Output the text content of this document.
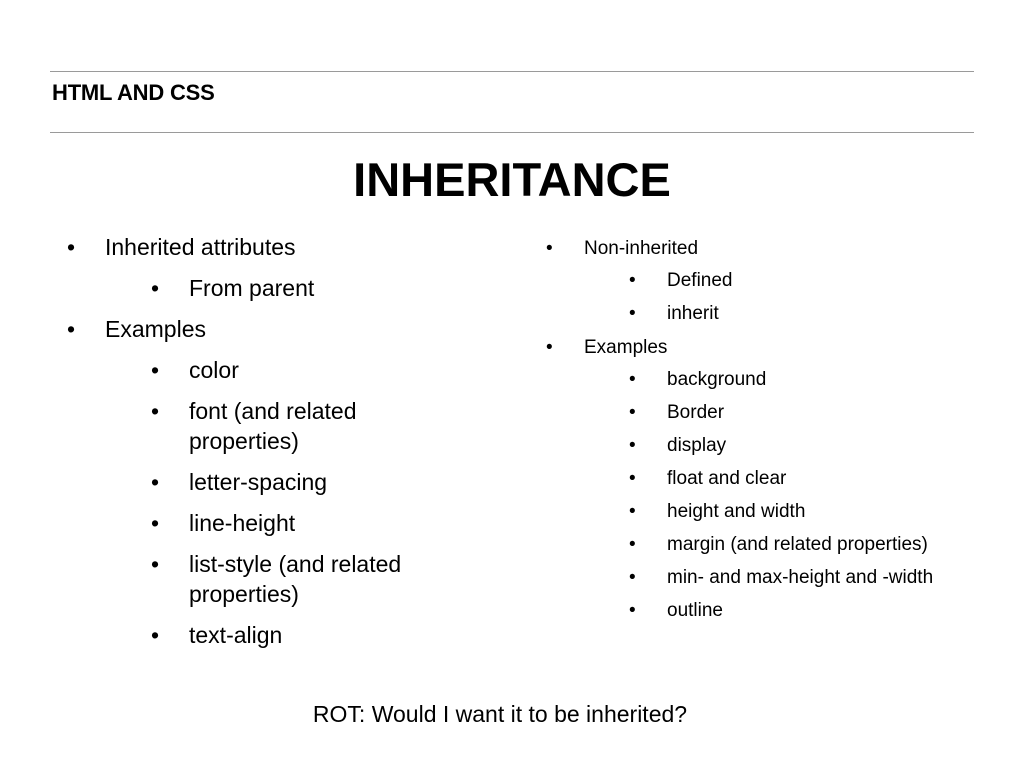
HTML AND CSS
INHERITANCE
• Inherited attributes
• From parent
• Examples
• color
• font (and related properties)
• letter-spacing
• line-height
• list-style (and related properties)
• text-align
• Non-inherited
• Defined
• inherit
• Examples
• background
• Border
• display
• float and clear
• height and width
• margin (and related properties)
• min- and max-height and -width
• outline
ROT: Would I want it to be inherited?
